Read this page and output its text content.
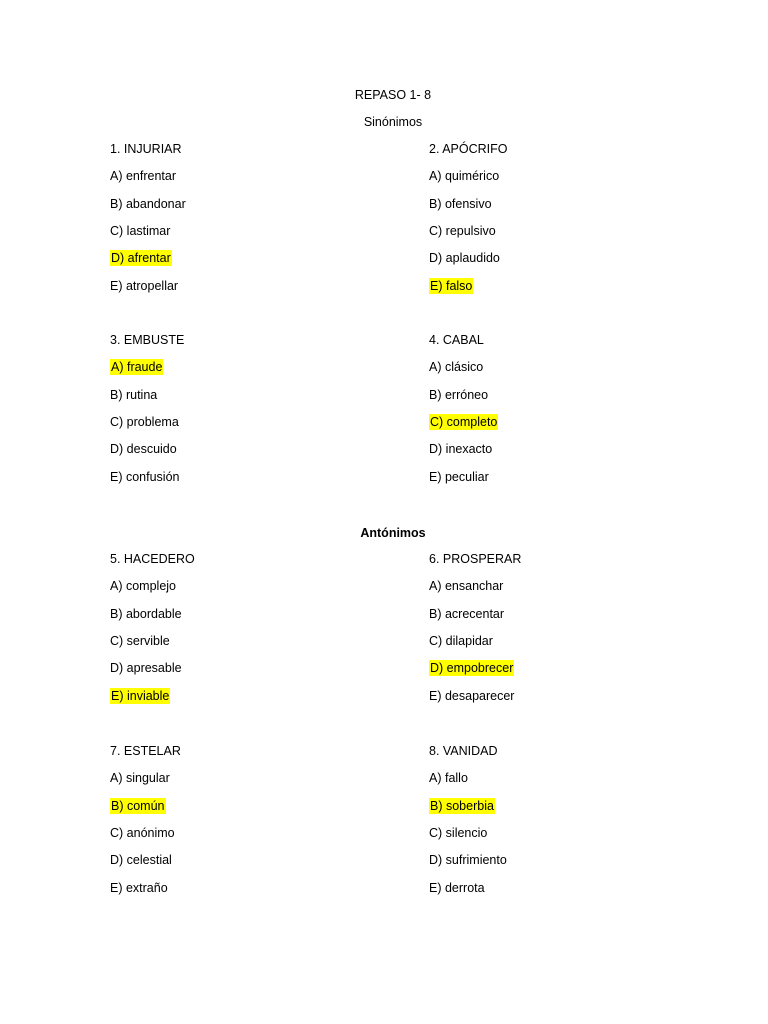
REPASO 1- 8
Sinónimos
Antónimos
1. INJURIAR
A) enfrentar
B) abandonar
C) lastimar
D) afrentar
E) atropellar
2. APÓCRIFO
A) quimérico
B) ofensivo
C) repulsivo
D) aplaudido
E) falso
3. EMBUSTE
A) fraude
B) rutina
C) problema
D) descuido
E) confusión
4. CABAL
A) clásico
B) erróneo
C) completo
D) inexacto
E) peculiar
5. HACEDERO
A) complejo
B) abordable
C) servible
D) apresable
E) inviable
6. PROSPERAR
A) ensanchar
B) acrecentar
C) dilapidar
D) empobrecer
E) desaparecer
7. ESTELAR
A) singular
B) común
C) anónimo
D) celestial
E) extraño
8. VANIDAD
A) fallo
B) soberbia
C) silencio
D) sufrimiento
E) derrota
